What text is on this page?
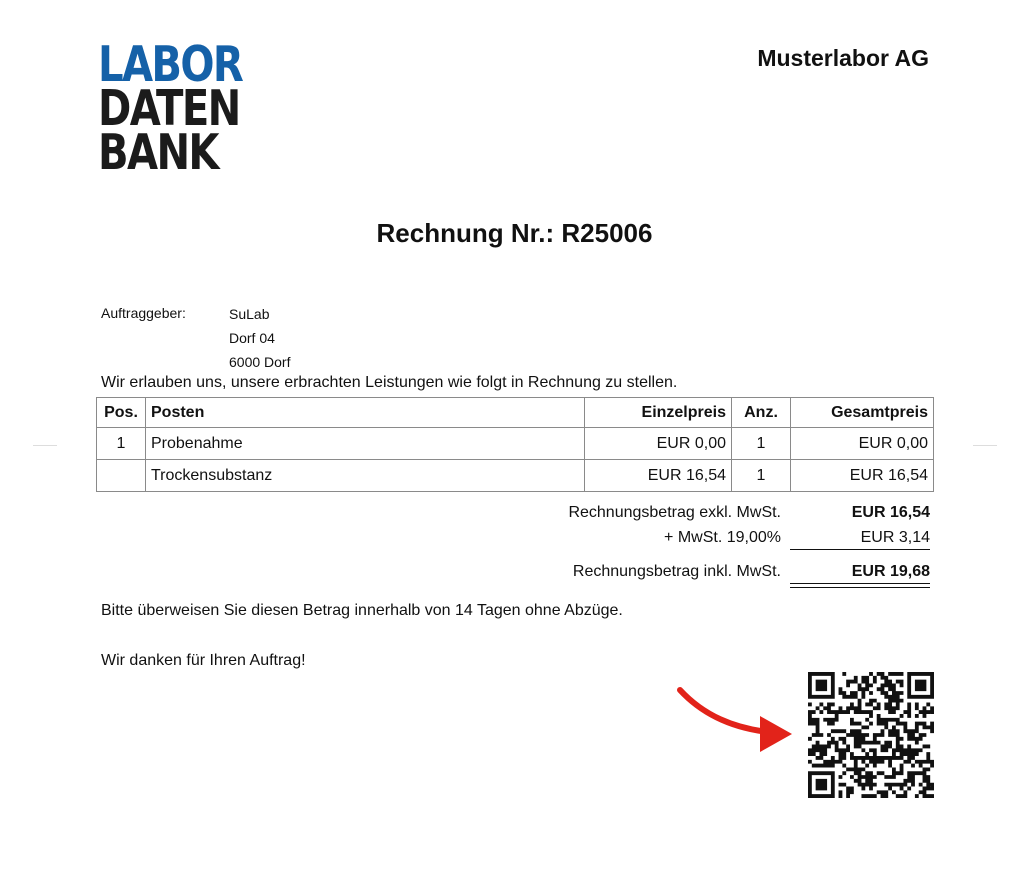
LABOR
DATEN
BANK
Musterlabor AG
Rechnung Nr.: R25006
Auftraggeber:	SuLab
Dorf 04
6000 Dorf
Wir erlauben uns, unsere erbrachten Leistungen wie folgt in Rechnung zu stellen.
Pos.	Posten	Einzelpreis	Anz.	Gesamtpreis
1	Probenahme	EUR 0,00	1	EUR 0,00
	Trockensubstanz	EUR 16,54	1	EUR 16,54
Rechnungsbetrag exkl. MwSt.	EUR 16,54
+ MwSt. 19,00%	EUR 3,14
Rechnungsbetrag inkl. MwSt.	EUR 19,68
Bitte überweisen Sie diesen Betrag innerhalb von 14 Tagen ohne Abzüge.
Wir danken für Ihren Auftrag!
